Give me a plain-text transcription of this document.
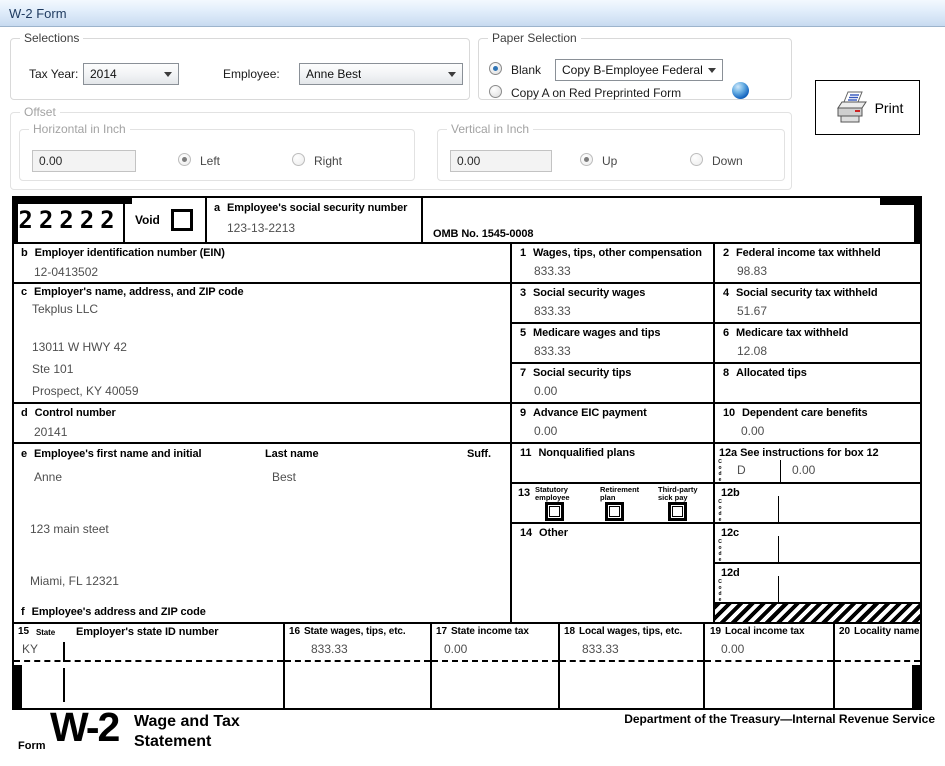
W-2 Form
Selections
Tax Year: 2014	Employee: Anne Best
Paper Selection
Blank Copy B-Employee Federal
Copy A on Red Preprinted Form
Print
Offset
Horizontal in Inch
0.00
Left	Right
Vertical in Inch
0.00
Up	Down
22222	Void
a Employee's social security number
123-13-2213	OMB No. 1545-0008
b Employer identification number (EIN)
12-0413502
c Employer's name, address, and ZIP code
Tekplus LLC
13011 W HWY 42
Ste 101
Prospect, KY 40059
d Control number
20141
e Employee's first name and initial	Last name	Suff.
Anne	Best
123 main steet
Miami, FL 12321
f Employee's address and ZIP code
1 Wages, tips, other compensation
833.33
3 Social security wages
833.33
5 Medicare wages and tips
833.33
7 Social security tips
0.00
9 Advance EIC payment
0.00
11 Nonqualified plans
13 Statutory
employee
Retirement
plan
Third-party
sick pay
14 Other
2 Federal income tax withheld
98.83
4 Social security tax withheld
51.67
6 Medicare tax withheld
12.08
8 Allocated tips
10 Dependent care benefits
0.00
12a See instructions for box 12
Code D	0.00
12b
Code
12c
Code
12d
Code
15 State Employer's state ID number
KY
16 State wages, tips, etc.
833.33
17 State income tax
0.00
18 Local wages, tips, etc.
833.33
19 Local income tax
0.00
20 Locality name
Form W-2 Wage and Tax
Statement
Department of the Treasury—Internal Revenue Service
